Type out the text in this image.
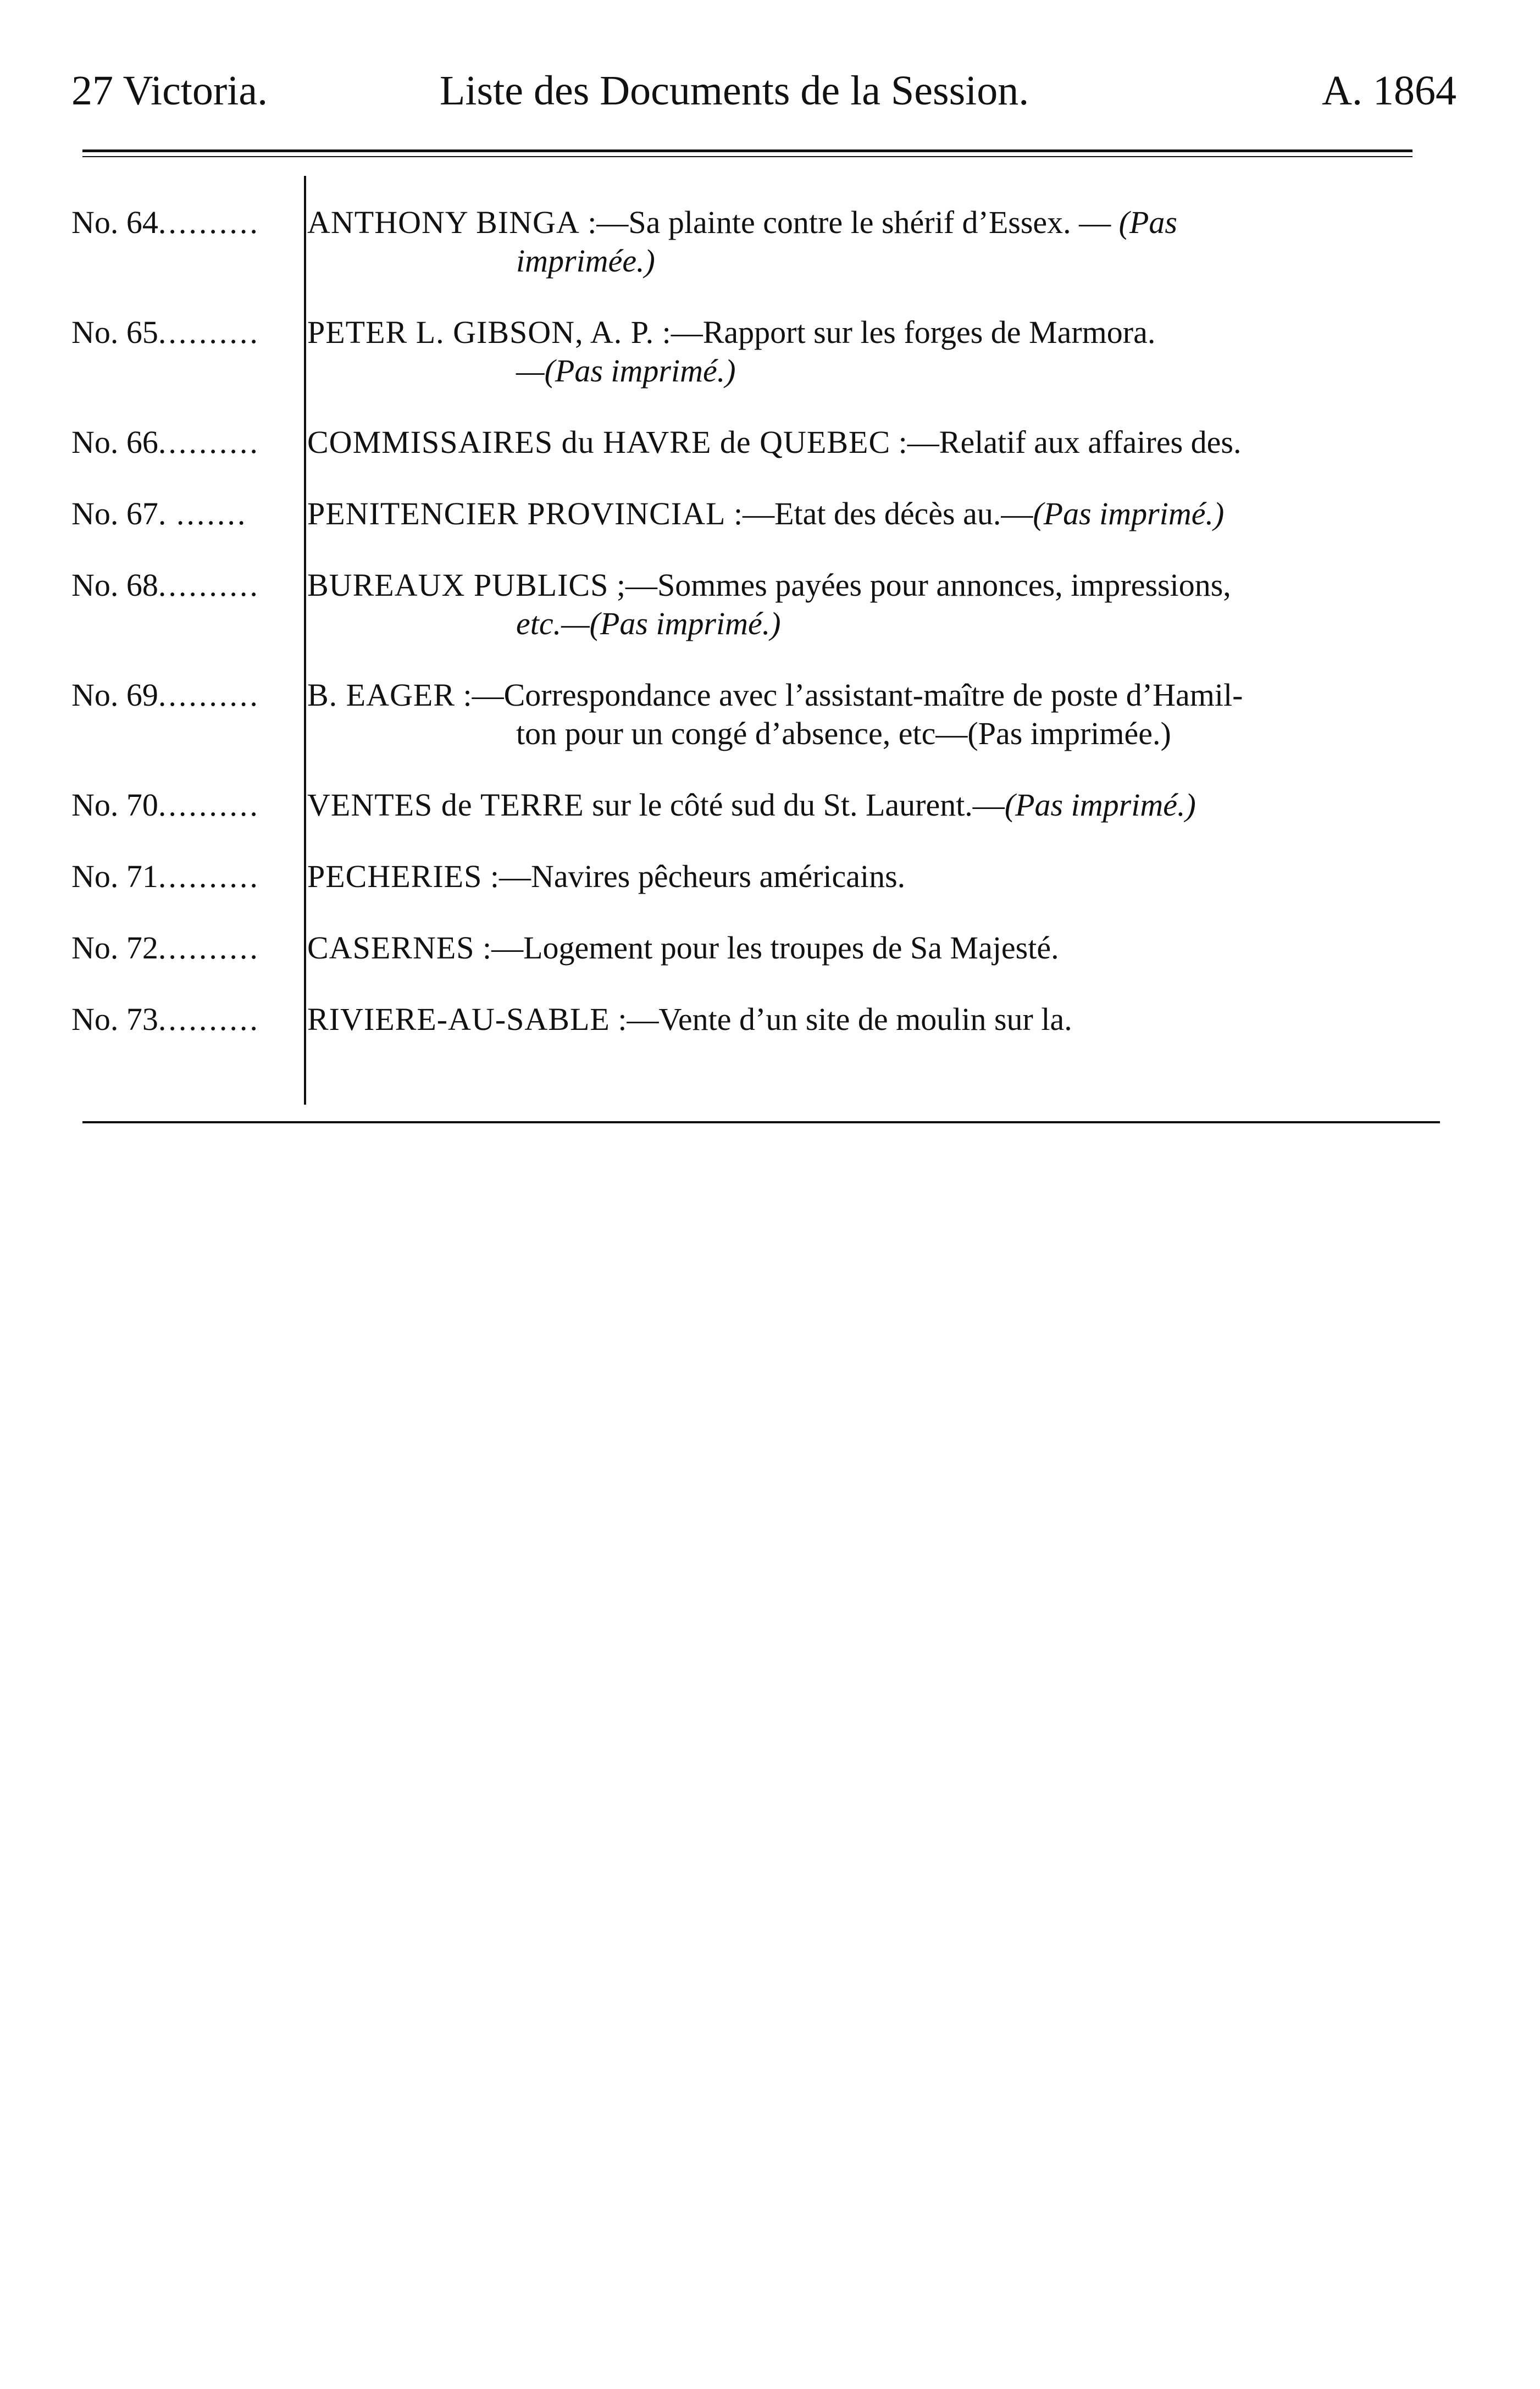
27 Victoria.	Liste des Documents de la Session.	A. 1864
No. 64..........	ANTHONY BINGA :—Sa plainte contre le shérif d’Essex. — (Pas
imprimée.)
No. 65..........	PETER L. GIBSON, A. P. :—Rapport sur les forges de Marmora.
—(Pas imprimé.)
No. 66..........	COMMISSAIRES du HAVRE de QUEBEC :—Relatif aux affaires des.
No. 67. .......	PENITENCIER PROVINCIAL :—Etat des décès au.—(Pas imprimé.)
No. 68..........	BUREAUX PUBLICS ;—Sommes payées pour annonces, impressions,
etc.—(Pas imprimé.)
No. 69..........	B. EAGER :—Correspondance avec l’assistant-maître de poste d’Hamil-
ton pour un congé d’absence, etc—(Pas imprimée.)
No. 70..........	VENTES de TERRE sur le côté sud du St. Laurent.—(Pas imprimé.)
No. 71..........	PECHERIES :—Navires pêcheurs américains.
No. 72..........	CASERNES :—Logement pour les troupes de Sa Majesté.
No. 73..........	RIVIERE-AU-SABLE :—Vente d’un site de moulin sur la.
